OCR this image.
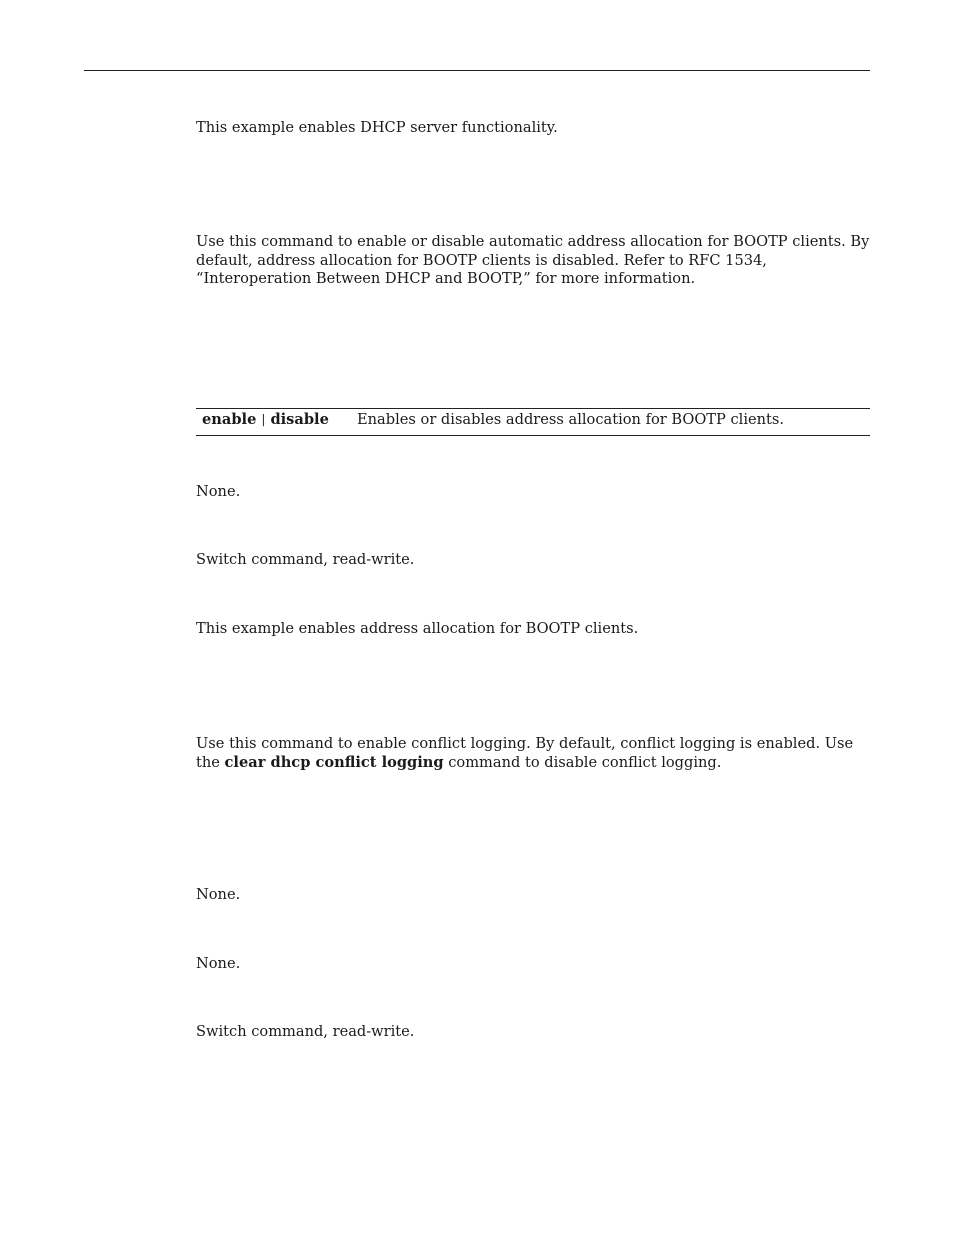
This example enables DHCP server functionality.

Use this command to enable or disable automatic address allocation for BOOTP clients. By default, address allocation for BOOTP clients is disabled. Refer to RFC 1534, “Interoperation Between DHCP and BOOTP,” for more information.

enable | disable Enables or disables address allocation for BOOTP clients.

None.

Switch command, read-write.

This example enables address allocation for BOOTP clients.

Use this command to enable conflict logging. By default, conflict logging is enabled. Use the clear dhcp conflict logging command to disable conflict logging.

None.

None.

Switch command, read-write.
